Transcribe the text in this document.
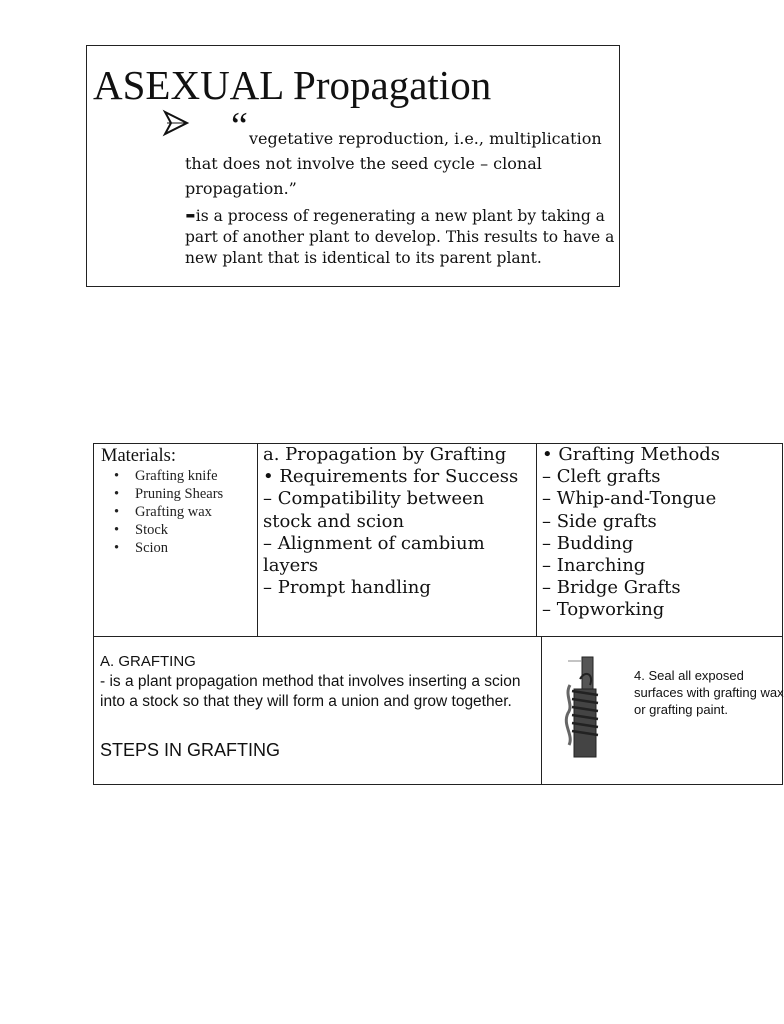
ASEXUAL Propagation
“ vegetative reproduction, i.e., multiplication that does not involve the seed cycle – clonal propagation.”

-is a process of regenerating a new plant by taking a part of another plant to develop. This results to have a new plant that is identical to its parent plant.

Materials:
• Grafting knife
• Pruning Shears
• Grafting wax
• Stock
• Scion
a. Propagation by Grafting
• Requirements for Success
– Compatibility between stock and scion
– Alignment of cambium layers
– Prompt handling
• Grafting Methods
– Cleft grafts
– Whip-and-Tongue
– Side grafts
– Budding
– Inarching
– Bridge Grafts
– Topworking
A. GRAFTING

- is a plant propagation method that involves inserting a scion into a stock so that they will form a union and grow together.

STEPS IN GRAFTING

4. Seal all exposed surfaces with grafting wax or grafting paint.
